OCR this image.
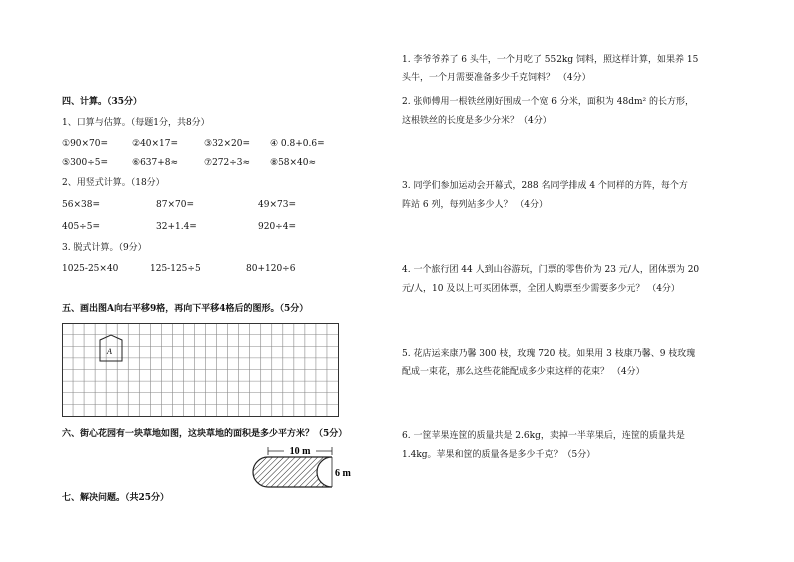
四、计算。（35分）
1、口算与估算。（每题1分，共8分）
①90×70=	②40×17=	③32×20= ④ 0.8+0.6=
⑤300÷5=	⑥637+8≈	⑦272÷3≈ ⑧58×40≈
2、用竖式计算。（18分）
56×38=	87×70=	49×73=
405÷5=	32+1.4=	920÷4=
3. 脱式计算。（9分）
1025-25×40	125-125÷5	80+120÷6
五、画出图A向右平移9格，再向下平移4格后的图形。（5分）
A
六、街心花园有一块草地如图，这块草地的面积是多少平方米？（5分）
10 m
6 m
七、解决问题。（共25分）
1. 李爷爷养了 6 头牛，一个月吃了 552kg 饲料，照这样计算，如果养 15
头牛，一个月需要准备多少千克饲料？ （4分）
2. 张师傅用一根铁丝刚好围成一个宽 6 分米，面积为 48dm² 的长方形，
这根铁丝的长度是多少分米？（4分）
3. 同学们参加运动会开幕式，288 名同学排成 4 个同样的方阵，每个方
阵站 6 列，每列站多少人？ （4分）
4. 一个旅行团 44 人到山谷游玩，门票的零售价为 23 元/人，团体票为 20
元/人，10 及以上可买团体票，全团人购票至少需要多少元？ （4分）
5. 花店运来康乃馨 300 枝，玫瑰 720 枝。如果用 3 枝康乃馨、9 枝玫瑰
配成一束花，那么这些花能配成多少束这样的花束？ （4分）
6. 一筐苹果连筐的质量共是 2.6kg，卖掉一半苹果后，连筐的质量共是
1.4kg。苹果和筐的质量各是多少千克？（5分）
